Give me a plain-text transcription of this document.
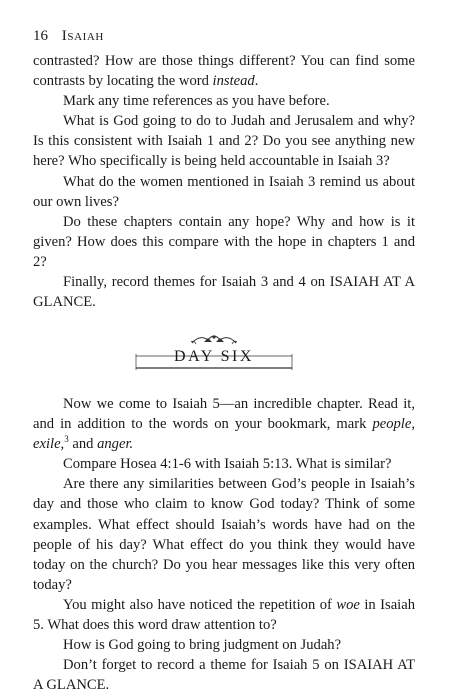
16 Isaiah

contrasted? How are those things different? You can find some contrasts by locating the word instead.

Mark any time references as you have before.

What is God going to do to Judah and Jerusalem and why? Is this consistent with Isaiah 1 and 2? Do you see anything new here? Who specifically is being held accountable in Isaiah 3?

What do the women mentioned in Isaiah 3 remind us about our own lives?

Do these chapters contain any hope? Why and how is it given? How does this compare with the hope in chapters 1 and 2?

Finally, record themes for Isaiah 3 and 4 on ISAIAH AT A GLANCE.

DAY SIX

Now we come to Isaiah 5—an incredible chapter. Read it, and in addition to the words on your bookmark, mark people, exile,$^3$ and anger.

Compare Hosea 4:1-6 with Isaiah 5:13. What is similar?

Are there any similarities between God’s people in Isaiah’s day and those who claim to know God today? Think of some examples. What effect should Isaiah’s words have had on the people of his day? What effect do you think they would have today on the church? Do you hear messages like this very often today?

You might also have noticed the repetition of woe in Isaiah 5. What does this word draw attention to?

How is God going to bring judgment on Judah?

Don’t forget to record a theme for Isaiah 5 on ISAIAH AT A GLANCE.
